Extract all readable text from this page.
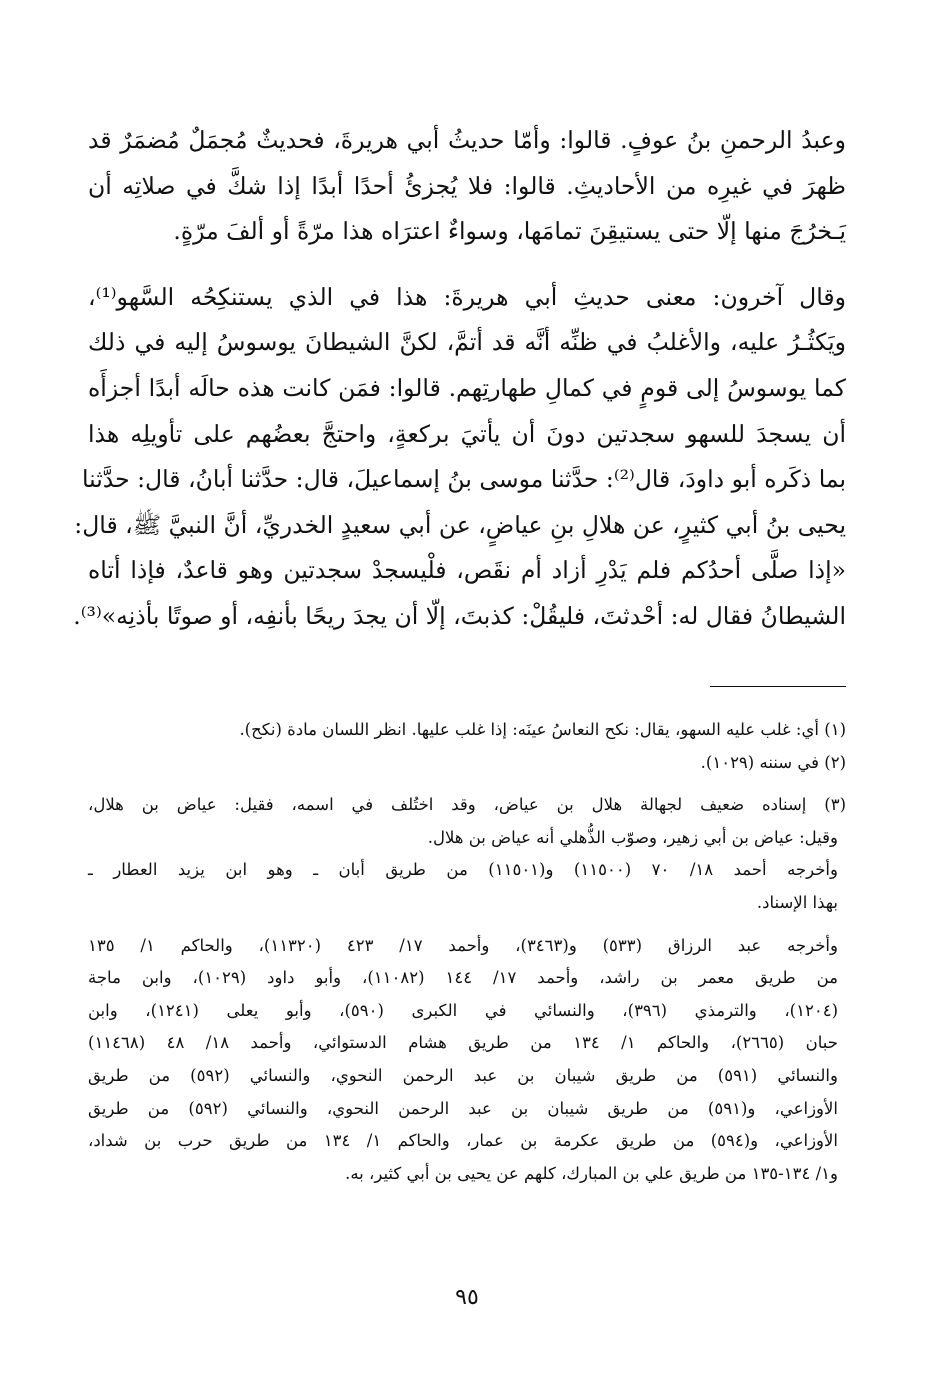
وعبدُ الرحمنِ بنُ عوفٍ. قالوا: وأمّا حديثُ أبي هريرةَ، فحديثٌ مُجمَلٌ مُضمَرٌ قد
ظهرَ في غيرِه من الأحاديثِ. قالوا: فلا يُجزئُ أحدًا أبدًا إذا شكَّ في صلاتِه أن
يَـخرُجَ منها إلّا حتى يستيقِنَ تمامَها، وسواءٌ اعترَاه هذا مرّةً أو ألفَ مرّةٍ.
وقال آخرون: معنى حديثِ أبي هريرةَ: هذا في الذي يستنكِحُه السَّهو⁽¹⁾،
ويَكثُـرُ عليه، والأغلبُ في ظنِّه أنَّه قد أتمَّ، لكنَّ الشيطانَ يوسوسُ إليه في ذلك
كما يوسوسُ إلى قومٍ في كمالِ طهارتِهم. قالوا: فمَن كانت هذه حالَه أبدًا أجزأَه
أن يسجدَ للسهو سجدتين دونَ أن يأتيَ بركعةٍ، واحتجَّ بعضُهم على تأويلِه هذا
بما ذكَره أبو داودَ، قال⁽²⁾: حدَّثنا موسى بنُ إسماعيلَ، قال: حدَّثنا أبانُ، قال: حدَّثنا
يحيى بنُ أبي كثيرٍ، عن هلالِ بنِ عياضٍ، عن أبي سعيدٍ الخدريِّ، أنَّ النبيَّ ﷺ، قال:
«إذا صلَّى أحدُكم فلم يَدْرِ أزاد أم نقَص، فلْيسجدْ سجدتين وهو قاعدٌ، فإذا أتاه
الشيطانُ فقال له: أحْدثتَ، فليقُلْ: كذبتَ، إلّا أن يجدَ ريحًا بأنفِه، أو صوتًا بأذنِه»⁽³⁾.
(١) أي: غلب عليه السهو، يقال: نكح النعاسُ عينَه: إذا غلب عليها. انظر اللسان مادة (نكح).
(٢) في سننه (١٠٢٩).
(٣) إسناده ضعيف لجهالة هلال بن عياض، وقد اختُلف في اسمه، فقيل: عياض بن هلال،
وقيل: عياض بن أبي زهير، وصوّب الذُّهلي أنه عياض بن هلال.
وأخرجه أحمد ١٨/ ٧٠ (١١٥٠٠) و(١١٥٠١) من طريق أبان ـ وهو ابن يزيد العطار ـ
بهذا الإسناد.
وأخرجه عبد الرزاق (٥٣٣) و(٣٤٦٣)، وأحمد ١٧/ ٤٢٣ (١١٣٢٠)، والحاكم ١/ ١٣٥
من طريق معمر بن راشد، وأحمد ١٧/ ١٤٤ (١١٠٨٢)، وأبو داود (١٠٢٩)، وابن ماجة
(١٢٠٤)، والترمذي (٣٩٦)، والنسائي في الكبرى (٥٩٠)، وأبو يعلى (١٢٤١)، وابن
حبان (٢٦٦٥)، والحاكم ١/ ١٣٤ من طريق هشام الدستوائي، وأحمد ١٨/ ٤٨ (١١٤٦٨)
والنسائي (٥٩١) من طريق شيبان بن عبد الرحمن النحوي، والنسائي (٥٩٢) من طريق
الأوزاعي، و(٥٩١) من طريق شيبان بن عبد الرحمن النحوي، والنسائي (٥٩٢) من طريق
الأوزاعي، و(٥٩٤) من طريق عكرمة بن عمار، والحاكم ١/ ١٣٤ من طريق حرب بن شداد،
و١/ ١٣٤-١٣٥ من طريق علي بن المبارك، كلهم عن يحيى بن أبي كثير، به.
٩٥
